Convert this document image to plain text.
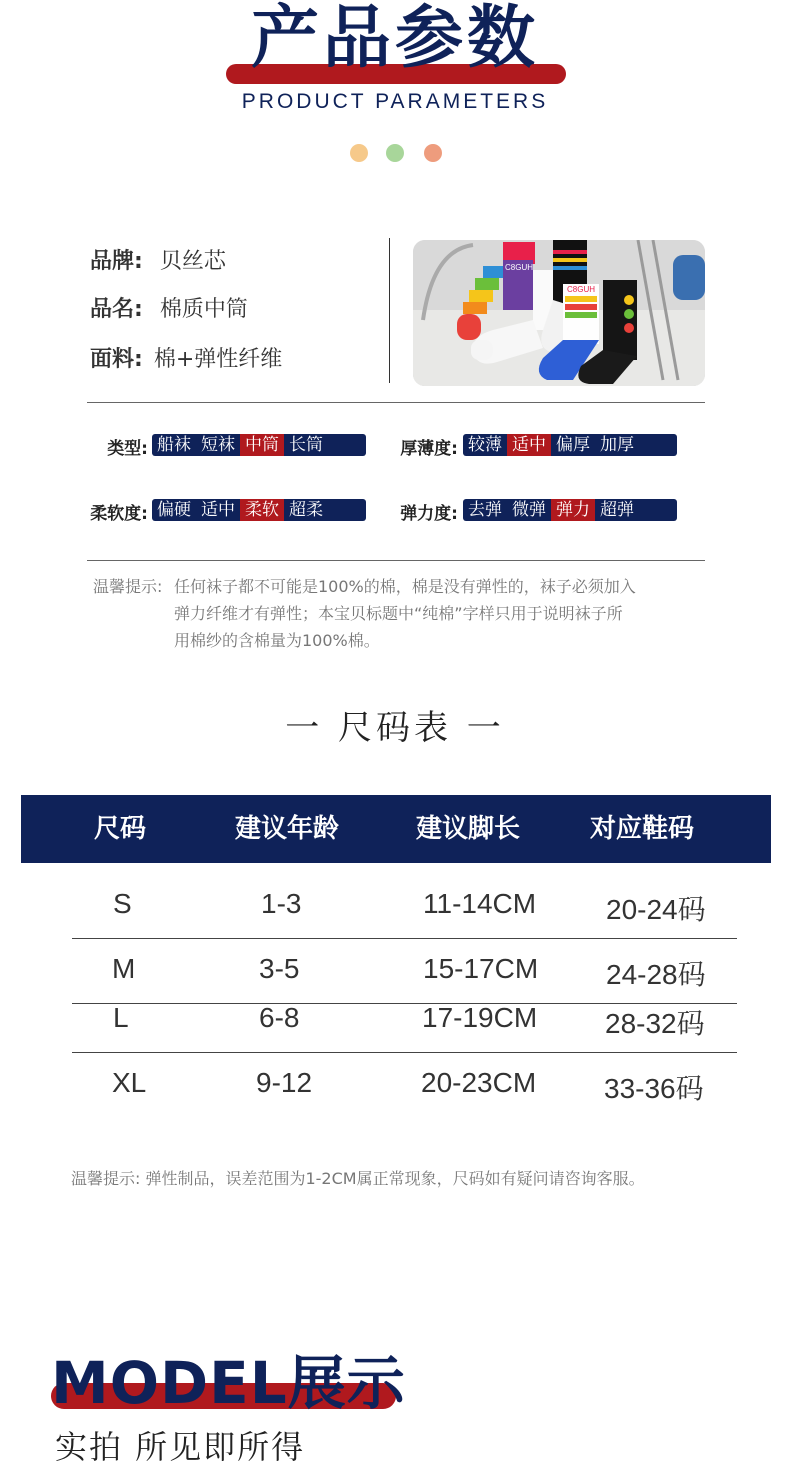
产品参数
PRODUCT PARAMETERS
品牌: 贝丝芯
品名: 棉质中筒
面料: 棉+弹性纤维
C8GUH
C8GUH
类型: 船袜 短袜 中筒 长筒	厚薄度: 较薄 适中 偏厚 加厚
柔软度: 偏硬 适中 柔软 超柔	弹力度: 去弹 微弹 弹力 超弹
温馨提示: 任何袜子都不可能是100%的棉，棉是没有弹性的，袜子必须加入
弹力纤维才有弹性；本宝贝标题中“纯棉”字样只用于说明袜子所
用棉纱的含棉量为100%棉。
一 尺码表 一
尺码	建议年龄	建议脚长	对应鞋码
S	1-3	11-14CM 20-24码
M	3-5	15-17CM 24-28码
L	6-8	17-19CM 28-32码
XL	9-12	20-23CM 33-36码
温馨提示: 弹性制品，误差范围为1-2CM属正常现象，尺码如有疑问请咨询客服。
MODEL展示
实拍 所见即所得
